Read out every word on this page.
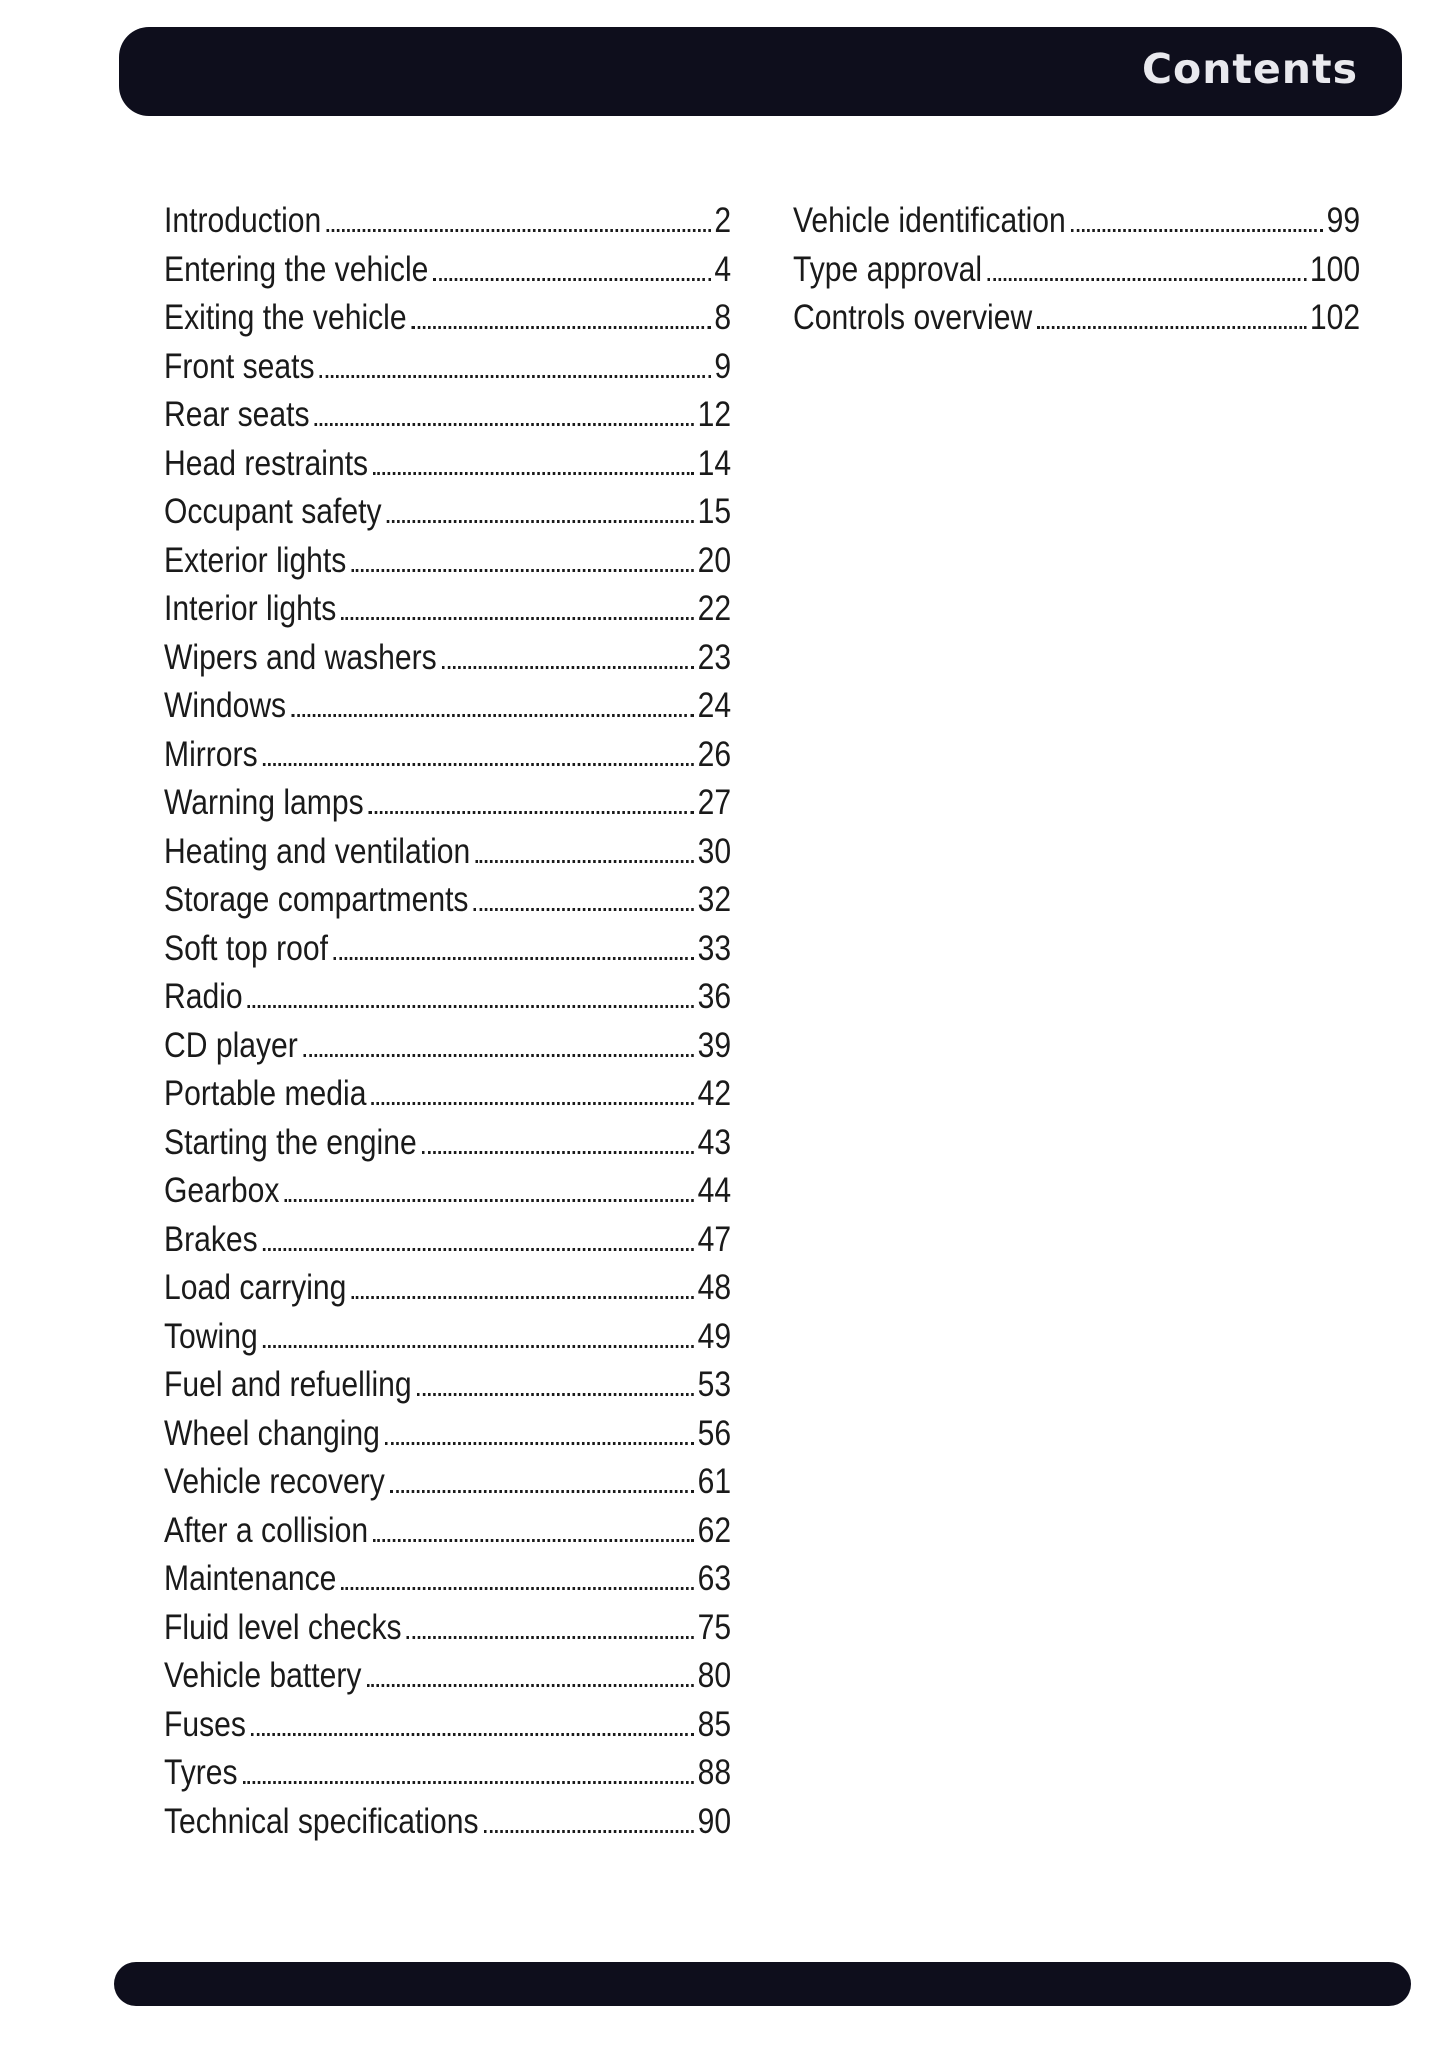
Contents
Introduction	2
Entering the vehicle	4
Exiting the vehicle	8
Front seats	9
Rear seats	12
Head restraints	14
Occupant safety	15
Exterior lights	20
Interior lights	22
Wipers and washers	23
Windows	24
Mirrors	26
Warning lamps	27
Heating and ventilation	30
Storage compartments	32
Soft top roof	33
Radio	36
CD player	39
Portable media	42
Starting the engine	43
Gearbox	44
Brakes	47
Load carrying	48
Towing	49
Fuel and refuelling	53
Wheel changing	56
Vehicle recovery	61
After a collision	62
Maintenance	63
Fluid level checks	75
Vehicle battery	80
Fuses	85
Tyres	88
Technical specifications	90
Vehicle identification	99
Type approval	100
Controls overview	102
